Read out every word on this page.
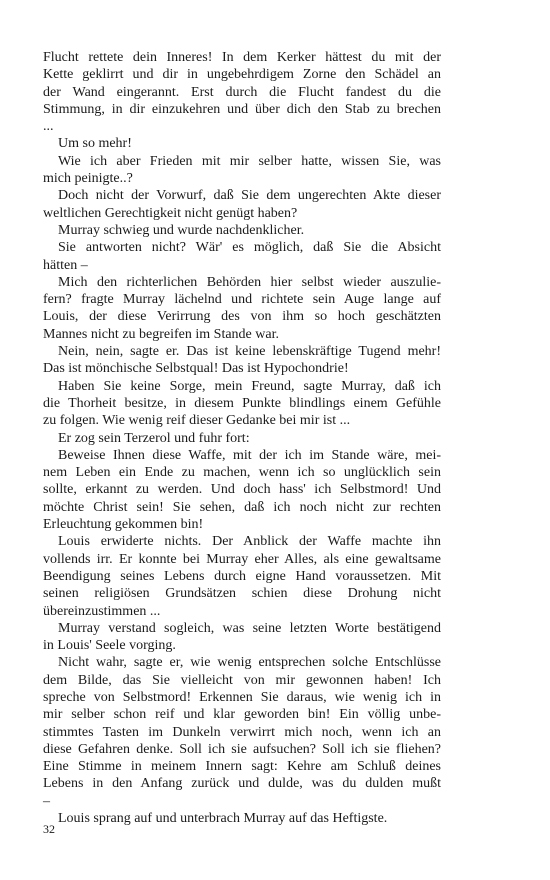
Flucht rettete dein Inneres! In dem Kerker hättest du mit der
Kette geklirrt und dir in ungebehrdigem Zorne den Schädel an
der Wand eingerannt. Erst durch die Flucht fandest du die
Stimmung, in dir einzukehren und über dich den Stab zu brechen
...
Um so mehr!
Wie ich aber Frieden mit mir selber hatte, wissen Sie, was
mich peinigte..?
Doch nicht der Vorwurf, daß Sie dem ungerechten Akte dieser
weltlichen Gerechtigkeit nicht genügt haben?
Murray schwieg und wurde nachdenklicher.
Sie antworten nicht? Wär' es möglich, daß Sie die Absicht
hätten –
Mich den richterlichen Behörden hier selbst wieder auszulie-
fern? fragte Murray lächelnd und richtete sein Auge lange auf
Louis, der diese Verirrung des von ihm so hoch geschätzten
Mannes nicht zu begreifen im Stande war.
Nein, nein, sagte er. Das ist keine lebenskräftige Tugend mehr!
Das ist mönchische Selbstqual! Das ist Hypochondrie!
Haben Sie keine Sorge, mein Freund, sagte Murray, daß ich
die Thorheit besitze, in diesem Punkte blindlings einem Gefühle
zu folgen. Wie wenig reif dieser Gedanke bei mir ist ...
Er zog sein Terzerol und fuhr fort:
Beweise Ihnen diese Waffe, mit der ich im Stande wäre, mei-
nem Leben ein Ende zu machen, wenn ich so unglücklich sein
sollte, erkannt zu werden. Und doch hass' ich Selbstmord! Und
möchte Christ sein! Sie sehen, daß ich noch nicht zur rechten
Erleuchtung gekommen bin!
Louis erwiderte nichts. Der Anblick der Waffe machte ihn
vollends irr. Er konnte bei Murray eher Alles, als eine gewaltsame
Beendigung seines Lebens durch eigne Hand voraussetzen. Mit
seinen religiösen Grundsätzen schien diese Drohung nicht
übereinzustimmen ...
Murray verstand sogleich, was seine letzten Worte bestätigend
in Louis' Seele vorging.
Nicht wahr, sagte er, wie wenig entsprechen solche Entschlüsse
dem Bilde, das Sie vielleicht von mir gewonnen haben! Ich
spreche von Selbstmord! Erkennen Sie daraus, wie wenig ich in
mir selber schon reif und klar geworden bin! Ein völlig unbe-
stimmtes Tasten im Dunkeln verwirrt mich noch, wenn ich an
diese Gefahren denke. Soll ich sie aufsuchen? Soll ich sie fliehen?
Eine Stimme in meinem Innern sagt: Kehre am Schluß deines
Lebens in den Anfang zurück und dulde, was du dulden mußt
–
Louis sprang auf und unterbrach Murray auf das Heftigste.
32
